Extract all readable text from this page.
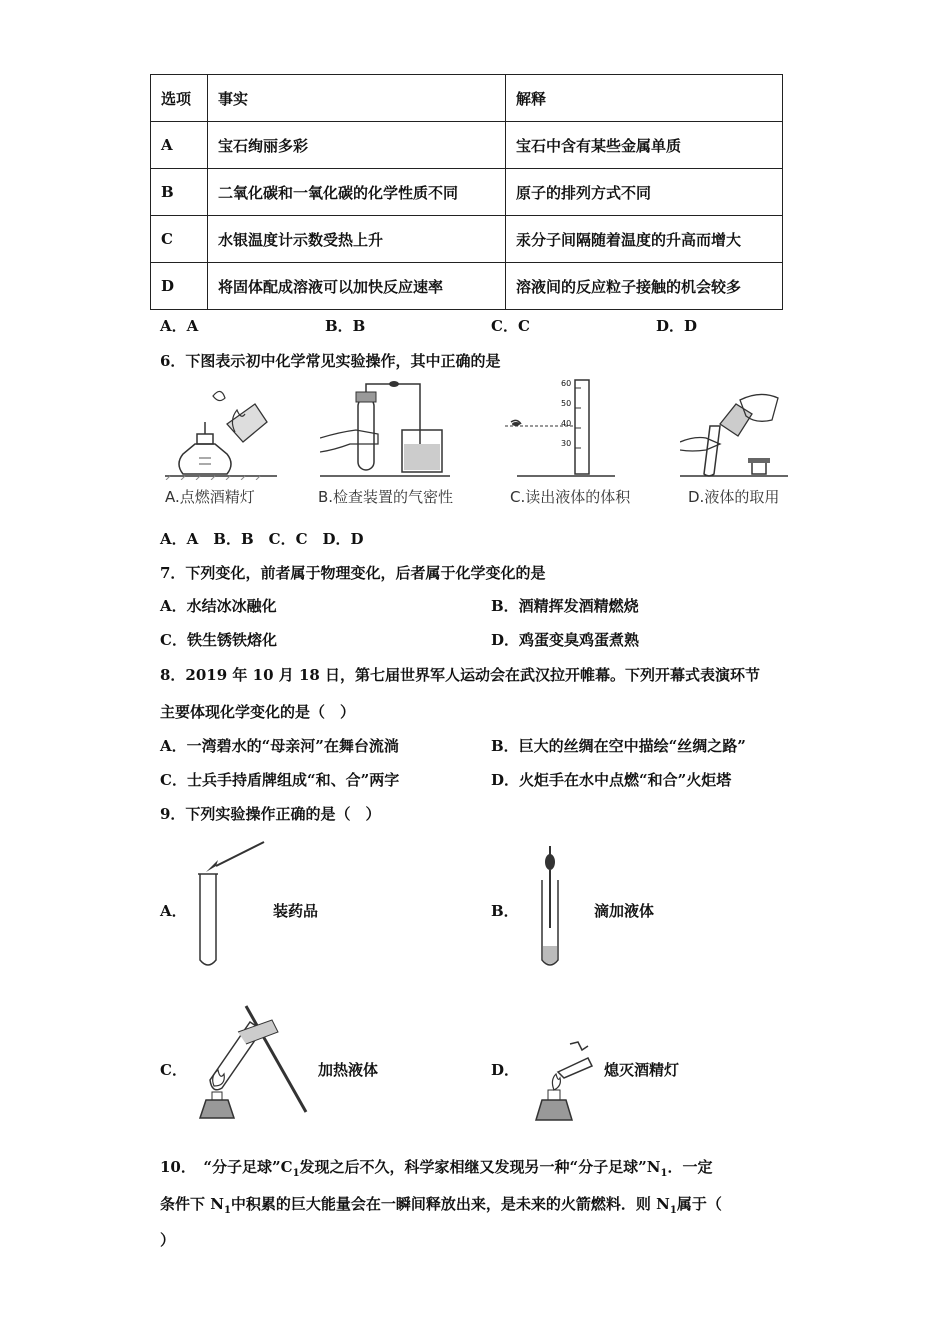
选项	事实	解释
A	宝石绚丽多彩	宝石中含有某些金属单质
B	二氧化碳和一氧化碳的化学性质不同	原子的排列方式不同
C	水银温度计示数受热上升	汞分子间隔随着温度的升高而增大
D	将固体配成溶液可以加快反应速率	溶液间的反应粒子接触的机会较多
A．A	B．B	C．C	D．D
6．下图表示初中化学常见实验操作，其中正确的是
A.点燃酒精灯	B.检查装置的气密性
60
50
40
30
C.读出液体的体积	D.液体的取用
A．A　B．B　C．C　D．D
7．下列变化，前者属于物理变化，后者属于化学变化的是
A．水结冰冰融化	B．酒精挥发酒精燃烧
C．铁生锈铁熔化	D．鸡蛋变臭鸡蛋煮熟
8．2019 年 10 月 18 日，第七届世界军人运动会在武汉拉开帷幕。下列开幕式表演环节
主要体现化学变化的是（　）
A．一湾碧水的“母亲河”在舞台流淌	B．巨大的丝绸在空中描绘“丝绸之路”
C．士兵手持盾牌组成“和、合”两字	D．火炬手在水中点燃“和合”火炬塔
9．下列实验操作正确的是（　）
A．	装药品	B．	滴加液体
C．	加热液体	D．	熄灭酒精灯
10．　“分子足球$”C_1$发现之后不久，科学家相继又发现另一种“分子足球$”N_1$．一定
条件下 $N_1$中积累的巨大能量会在一瞬间释放出来，是未来的火箭燃料．则 $N_1$属于（
）
